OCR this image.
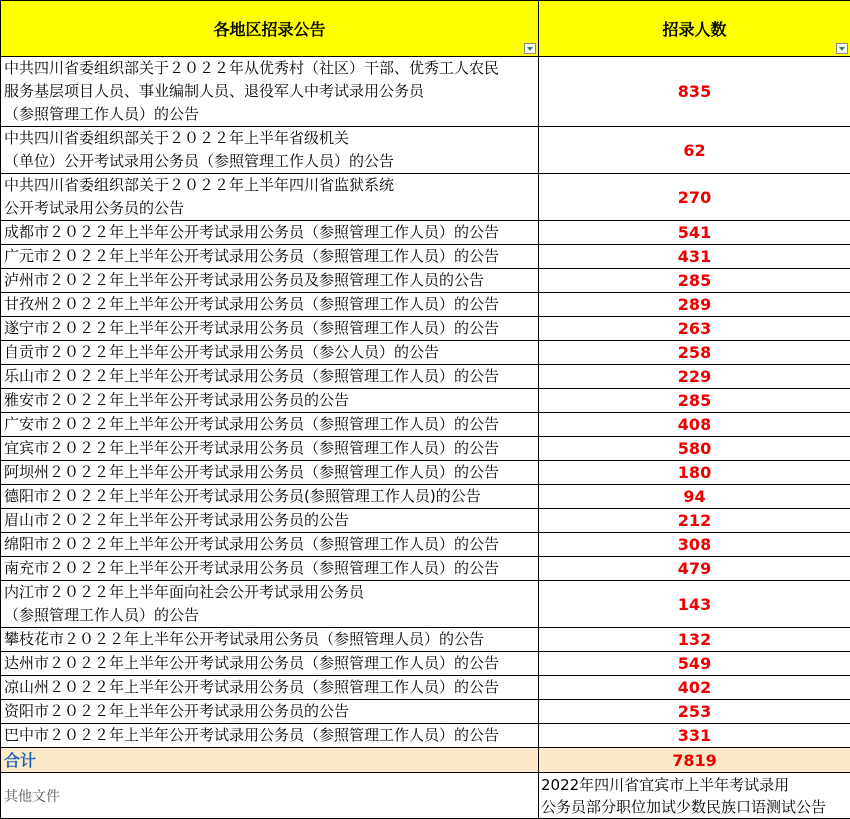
各地区招录公告	招录人数

中共四川省委组织部关于２０２２年从优秀村（社区）干部、优秀工人农民
服务基层项目人员、事业编制人员、退役军人中考试录用公务员
（参照管理工作人员）的公告	835

中共四川省委组织部关于２０２２年上半年省级机关
（单位）公开考试录用公务员（参照管理工作人员）的公告	62

中共四川省委组织部关于２０２２年上半年四川省监狱系统
公开考试录用公务员的公告	270

成都市２０２２年上半年公开考试录用公务员（参照管理工作人员）的公告	541

广元市２０２２年上半年公开考试录用公务员（参照管理工作人员）的公告	431

泸州市２０２２年上半年公开考试录用公务员及参照管理工作人员的公告	285

甘孜州２０２２年上半年公开考试录用公务员（参照管理工作人员）的公告	289

遂宁市２０２２年上半年公开考试录用公务员（参照管理工作人员）的公告	263

自贡市２０２２年上半年公开考试录用公务员（参公人员）的公告	258

乐山市２０２２年上半年公开考试录用公务员（参照管理工作人员）的公告	229

雅安市２０２２年上半年公开考试录用公务员的公告	285

广安市２０２２年上半年公开考试录用公务员（参照管理工作人员）的公告	408

宜宾市２０２２年上半年公开考试录用公务员（参照管理工作人员）的公告	580

阿坝州２０２２年上半年公开考试录用公务员（参照管理工作人员）的公告	180

德阳市２０２２年上半年公开考试录用公务员(参照管理工作人员)的公告	94

眉山市２０２２年上半年公开考试录用公务员的公告	212

绵阳市２０２２年上半年公开考试录用公务员（参照管理工作人员）的公告	308

南充市２０２２年上半年公开考试录用公务员（参照管理工作人员）的公告	479

内江市２０２２年上半年面向社会公开考试录用公务员
（参照管理工作人员）的公告	143

攀枝花市２０２２年上半年公开考试录用公务员（参照管理人员）的公告	132

达州市２０２２年上半年公开考试录用公务员（参照管理工作人员）的公告	549

凉山州２０２２年上半年公开考试录用公务员（参照管理工作人员）的公告	402

资阳市２０２２年上半年公开考试录用公务员的公告	253

巴中市２０２２年上半年公开考试录用公务员（参照管理工作人员）的公告	331
合计	7819
其他文件	2022年四川省宜宾市上半年考试录用
公务员部分职位加试少数民族口语测试公告
